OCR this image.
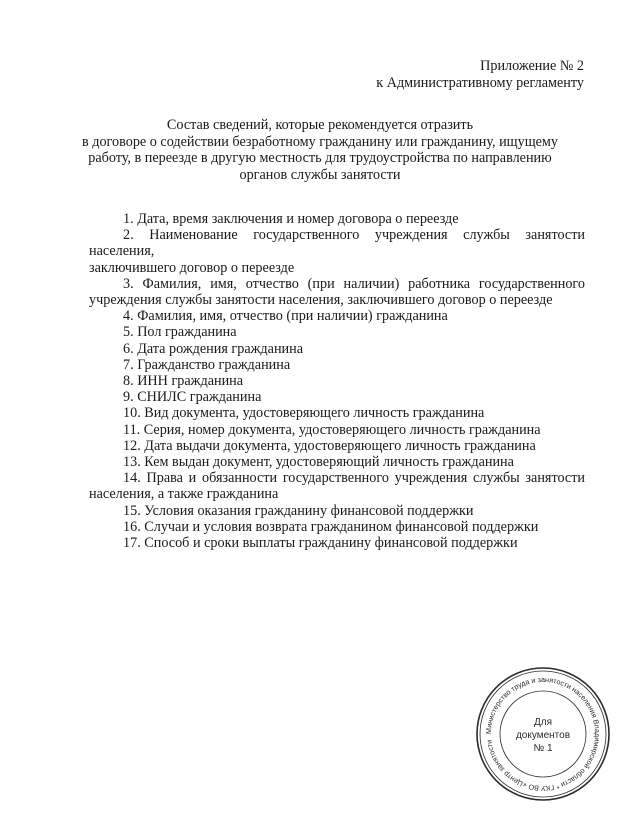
Приложение № 2
к Административному регламенту
Состав сведений, которые рекомендуется отразить
в договоре о содействии безработному гражданину или гражданину, ищущему
работу, в переезде в другую местность для трудоустройства по направлению
органов службы занятости
1. Дата, время заключения и номер договора о переезде
2. Наименование государственного учреждения службы занятости населения,
заключившего договор о переезде
3. Фамилия, имя, отчество (при наличии) работника государственного
учреждения службы занятости населения, заключившего договор о переезде
4. Фамилия, имя, отчество (при наличии) гражданина
5. Пол гражданина
6. Дата рождения гражданина
7. Гражданство гражданина
8. ИНН гражданина
9. СНИЛС гражданина
10. Вид документа, удостоверяющего личность гражданина
11. Серия, номер документа, удостоверяющего личность гражданина
12. Дата выдачи документа, удостоверяющего личность гражданина
13. Кем выдан документ, удостоверяющий личность гражданина
14. Права и обязанности государственного учреждения службы занятости
населения, а также гражданина
15. Условия оказания гражданину финансовой поддержки
16. Случаи и условия возврата гражданином финансовой поддержки
17. Способ и сроки выплаты гражданину финансовой поддержки
Министерство труда и занятости населения Владимирской области * ГКУ ВО «Центр занятости
Для
документов
№ 1
